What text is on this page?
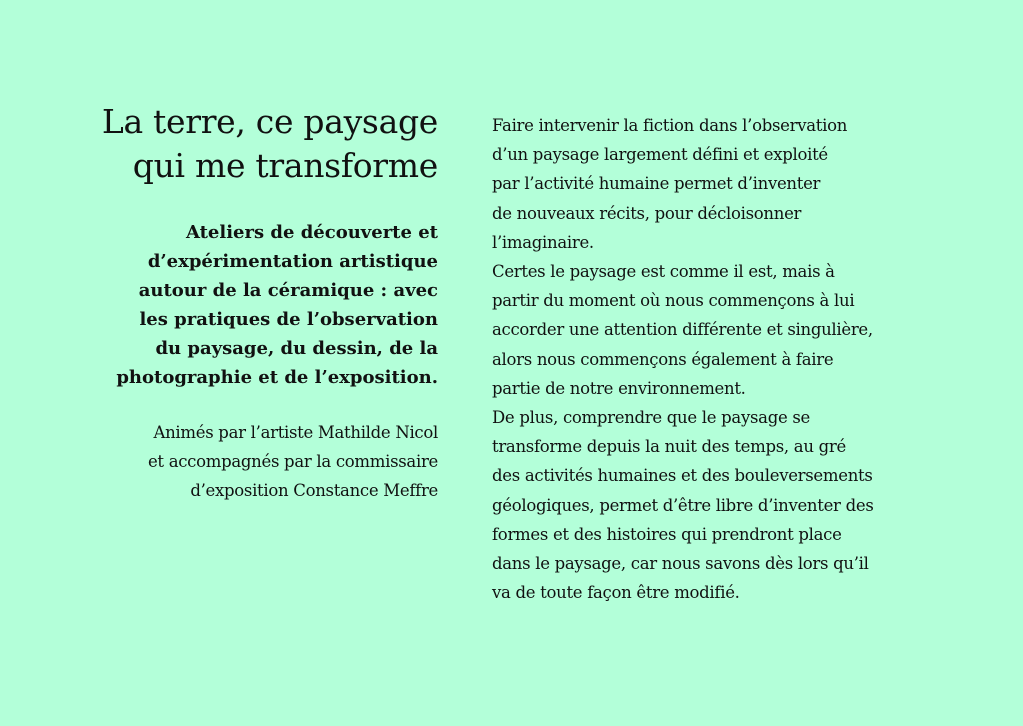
La terre, ce paysage
qui me transforme
Ateliers de découverte et
d’expérimentation artistique
autour de la céramique : avec
les pratiques de l’observation
du paysage, du dessin, de la
photographie et de l’exposition.
Animés par l’artiste Mathilde Nicol
et accompagnés par la commissaire
d’exposition Constance Meffre
Faire intervenir la fiction dans l’observation
d’un paysage largement défini et exploité
par l’activité humaine permet d’inventer
de nouveaux récits, pour décloisonner
l’imaginaire.
Certes le paysage est comme il est, mais à
partir du moment où nous commençons à lui
accorder une attention différente et singulière,
alors nous commençons également à faire
partie de notre environnement.
De plus, comprendre que le paysage se
transforme depuis la nuit des temps, au gré
des activités humaines et des bouleversements
géologiques, permet d’être libre d’inventer des
formes et des histoires qui prendront place
dans le paysage, car nous savons dès lors qu’il
va de toute façon être modifié.
